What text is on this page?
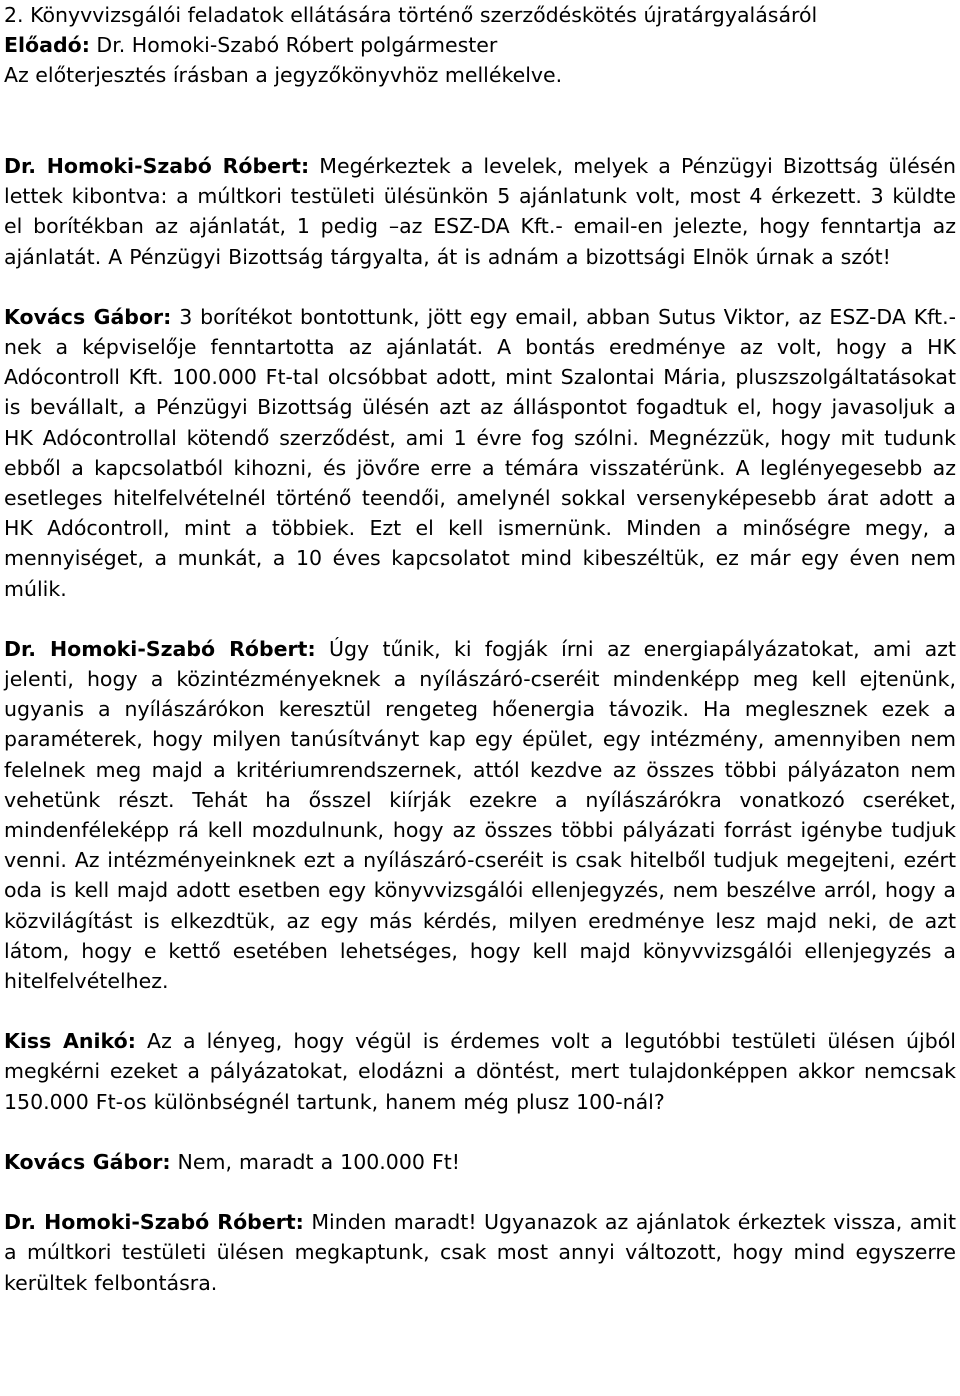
2. Könyvvizsgálói feladatok ellátására történő szerződéskötés újratárgyalásáról
Előadó: Dr. Homoki-Szabó Róbert polgármester
Az előterjesztés írásban a jegyzőkönyvhöz mellékelve.

Dr. Homoki-Szabó Róbert: Megérkeztek a levelek, melyek a Pénzügyi Bizottság ülésén lettek kibontva: a múltkori testületi ülésünkön 5 ajánlatunk volt, most 4 érkezett. 3 küldte el borítékban az ajánlatát, 1 pedig –az ESZ-DA Kft.- email-en jelezte, hogy fenntartja az ajánlatát. A Pénzügyi Bizottság tárgyalta, át is adnám a bizottsági Elnök úrnak a szót!

Kovács Gábor: 3 borítékot bontottunk, jött egy email, abban Sutus Viktor, az ESZ-DA Kft.-nek a képviselője fenntartotta az ajánlatát. A bontás eredménye az volt, hogy a HK Adócontroll Kft. 100.000 Ft-tal olcsóbbat adott, mint Szalontai Mária, pluszszolgáltatásokat is bevállalt, a Pénzügyi Bizottság ülésén azt az álláspontot fogadtuk el, hogy javasoljuk a HK Adócontrollal kötendő szerződést, ami 1 évre fog szólni. Megnézzük, hogy mit tudunk ebből a kapcsolatból kihozni, és jövőre erre a témára visszatérünk. A leglényegesebb az esetleges hitelfelvételnél történő teendői, amelynél sokkal versenyképesebb árat adott a HK Adócontroll, mint a többiek. Ezt el kell ismernünk. Minden a minőségre megy, a mennyiséget, a munkát, a 10 éves kapcsolatot mind kibeszéltük, ez már egy éven nem múlik.

Dr. Homoki-Szabó Róbert: Úgy tűnik, ki fogják írni az energiapályázatokat, ami azt jelenti, hogy a közintézményeknek a nyílászáró-cseréit mindenképp meg kell ejtenünk, ugyanis a nyílászárókon keresztül rengeteg hőenergia távozik. Ha meglesznek ezek a paraméterek, hogy milyen tanúsítványt kap egy épület, egy intézmény, amennyiben nem felelnek meg majd a kritériumrendszernek, attól kezdve az összes többi pályázaton nem vehetünk részt. Tehát ha ősszel kiírják ezekre a nyílászárókra vonatkozó cseréket, mindenféleképp rá kell mozdulnunk, hogy az összes többi pályázati forrást igénybe tudjuk venni. Az intézményeinknek ezt a nyílászáró-cseréit is csak hitelből tudjuk megejteni, ezért oda is kell majd adott esetben egy könyvvizsgálói ellenjegyzés, nem beszélve arról, hogy a közvilágítást is elkezdtük, az egy más kérdés, milyen eredménye lesz majd neki, de azt látom, hogy e kettő esetében lehetséges, hogy kell majd könyvvizsgálói ellenjegyzés a hitelfelvételhez.

Kiss Anikó: Az a lényeg, hogy végül is érdemes volt a legutóbbi testületi ülésen újból megkérni ezeket a pályázatokat, elodázni a döntést, mert tulajdonképpen akkor nemcsak 150.000 Ft-os különbségnél tartunk, hanem még plusz 100-nál?

Kovács Gábor: Nem, maradt a 100.000 Ft!

Dr. Homoki-Szabó Róbert: Minden maradt! Ugyanazok az ajánlatok érkeztek vissza, amit a múltkori testületi ülésen megkaptunk, csak most annyi változott, hogy mind egyszerre kerültek felbontásra.
